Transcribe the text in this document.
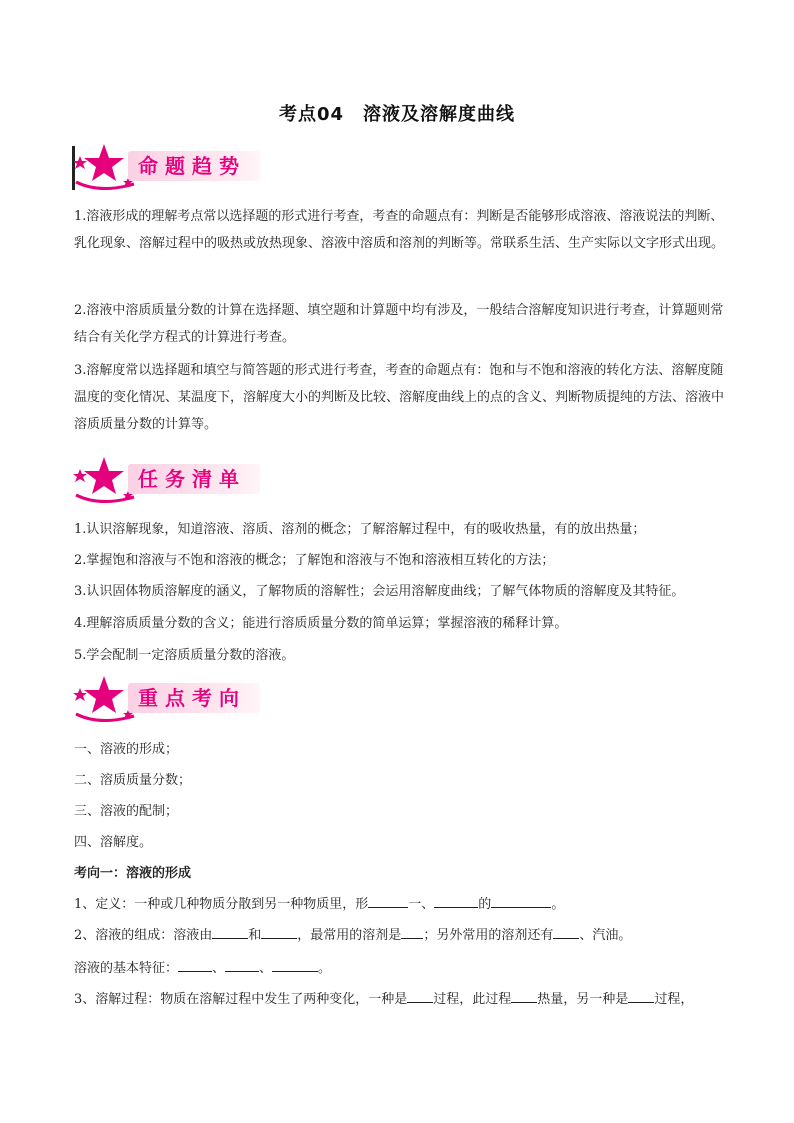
考点04　溶液及溶解度曲线
命题趋势
1.溶液形成的理解考点常以选择题的形式进行考查，考查的命题点有：判断是否能够形成溶液、溶液说法的判断、乳化现象、溶解过程中的吸热或放热现象、溶液中溶质和溶剂的判断等。常联系生活、生产实际以文字形式出现。
2.溶液中溶质质量分数的计算在选择题、填空题和计算题中均有涉及，一般结合溶解度知识进行考查，计算题则常结合有关化学方程式的计算进行考查。
3.溶解度常以选择题和填空与简答题的形式进行考查，考查的命题点有：饱和与不饱和溶液的转化方法、溶解度随温度的变化情况、某温度下，溶解度大小的判断及比较、溶解度曲线上的点的含义、判断物质提纯的方法、溶液中溶质质量分数的计算等。
任务清单
1.认识溶解现象，知道溶液、溶质、溶剂的概念；了解溶解过程中，有的吸收热量，有的放出热量；
2.掌握饱和溶液与不饱和溶液的概念；了解饱和溶液与不饱和溶液相互转化的方法；
3.认识固体物质溶解度的涵义，了解物质的溶解性；会运用溶解度曲线；了解气体物质的溶解度及其特征。
4.理解溶质质量分数的含义；能进行溶质质量分数的简单运算；掌握溶液的稀释计算。
5.学会配制一定溶质质量分数的溶液。
重点考向
一、溶液的形成；
二、溶质质量分数；
三、溶液的配制；
四、溶解度。
考向一：溶液的形成
1、定义：一种或几种物质分散到另一种物质里，形	一、	的	。
2、溶液的组成：溶液由	和	，最常用的溶剂是 ；另外常用的溶剂还有 、汽油。
溶液的基本特征：	、	、	。
3、溶解过程：物质在溶解过程中发生了两种变化，一种是 过程，此过程 热量，另一种是 过程，
